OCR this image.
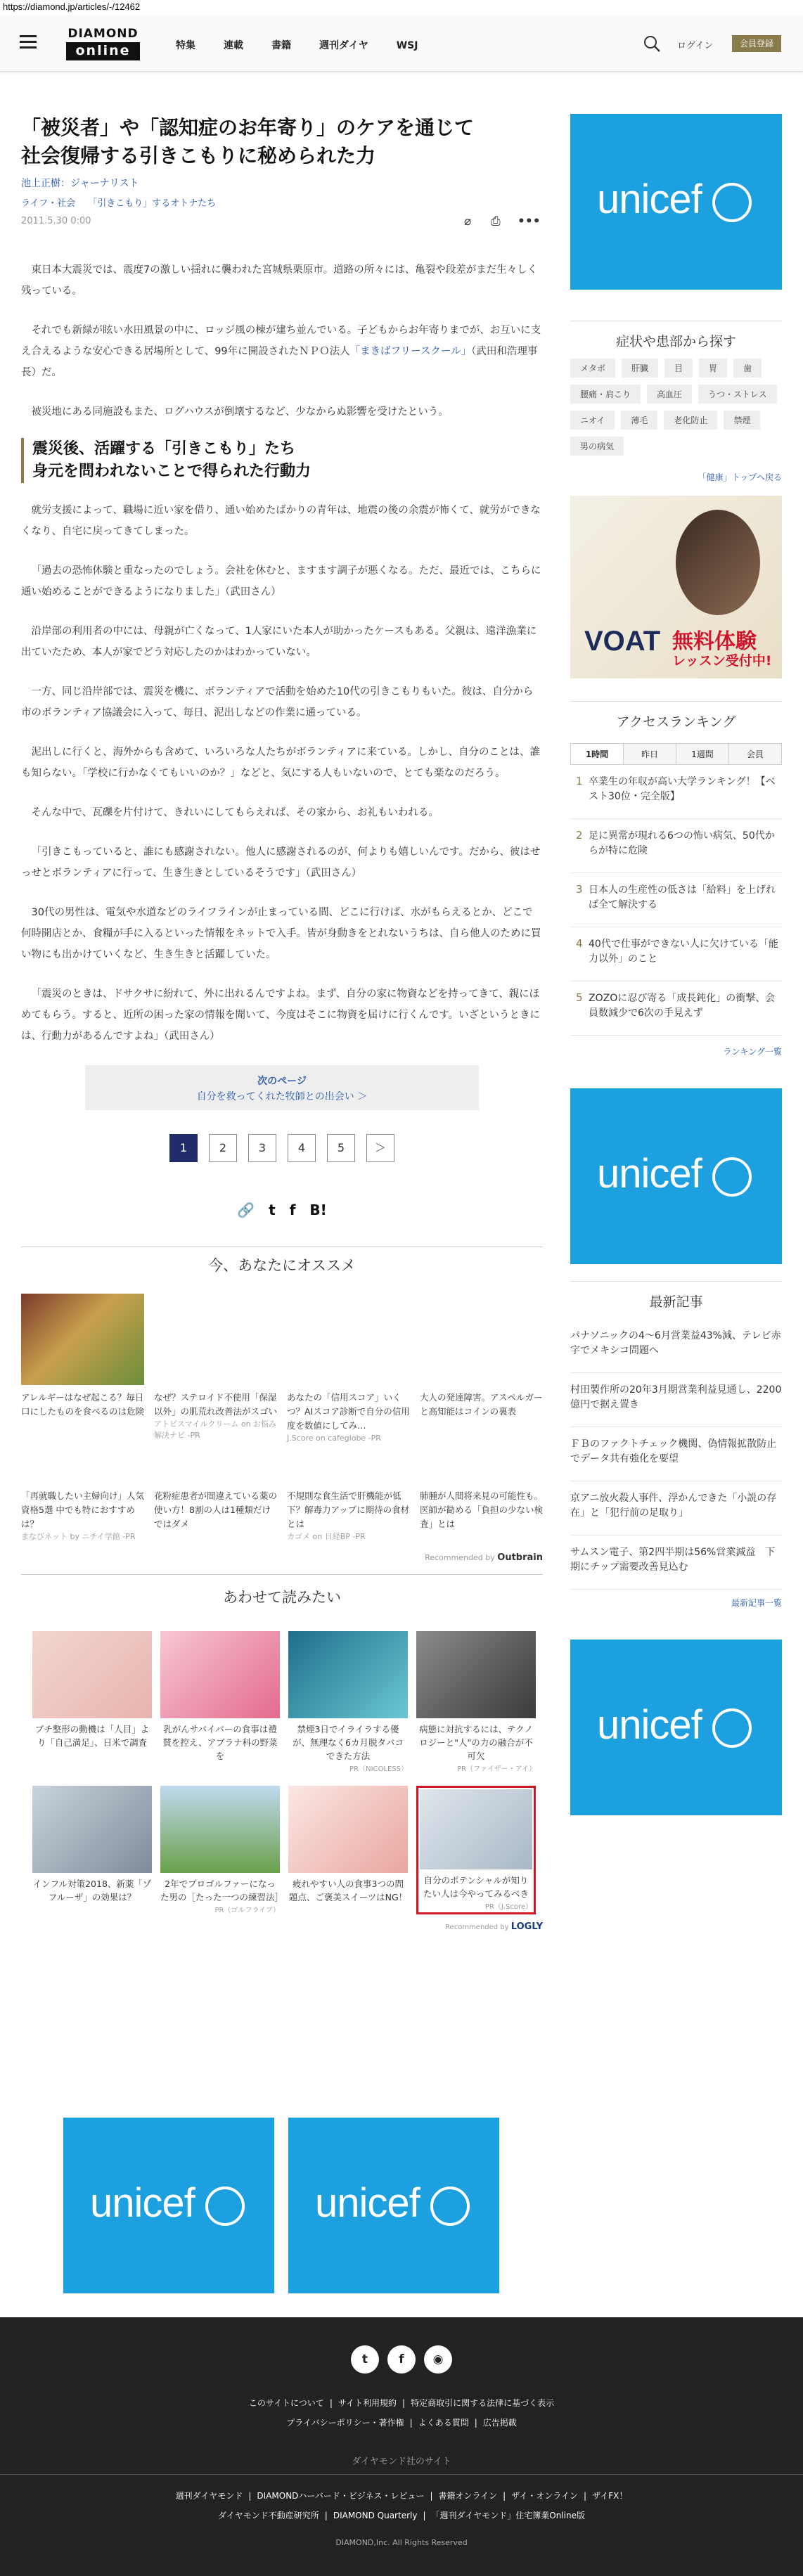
https://diamond.jp/articles/-/12462
DIAMOND
online	特集	連載	書籍	週刊ダイヤ	WSJ	ログイン	会員登録
「被災者」や「認知症のお年寄り」のケアを通じて
社会復帰する引きこもりに秘められた力
池上正樹：ジャーナリスト
ライフ・社会 「引きこもり」するオトナたち
2011.5.30 0:00	⌀ ⎙ •••

東日本大震災では、震度7の激しい揺れに襲われた宮城県栗原市。道路の所々には、亀裂や段差がまだ生々しく残っている。

それでも新緑が眩い水田風景の中に、ロッジ風の棟が建ち並んでいる。子どもからお年寄りまでが、お互いに支え合えるような安心できる居場所として、99年に開設されたＮＰＯ法人「まきばフリースクール」（武田和浩理事長）だ。

被災地にある同施設もまた、ログハウスが倒壊するなど、少なからぬ影響を受けたという。

震災後、活躍する「引きこもり」たち
身元を問われないことで得られた行動力

就労支援によって、職場に近い家を借り、通い始めたばかりの青年は、地震の後の余震が怖くて、就労ができなくなり、自宅に戻ってきてしまった。

「過去の恐怖体験と重なったのでしょう。会社を休むと、ますます調子が悪くなる。ただ、最近では、こちらに通い始めることができるようになりました」（武田さん）

沿岸部の利用者の中には、母親が亡くなって、1人家にいた本人が助かったケースもある。父親は、遠洋漁業に出ていたため、本人が家でどう対応したのかはわかっていない。

一方、同じ沿岸部では、震災を機に、ボランティアで活動を始めた10代の引きこもりもいた。彼は、自分から市のボランティア協議会に入って、毎日、泥出しなどの作業に通っている。

泥出しに行くと、海外からも含めて、いろいろな人たちがボランティアに来ている。しかし、自分のことは、誰も知らない。「学校に行かなくてもいいのか？」などと、気にする人もいないので、とても楽なのだろう。

そんな中で、瓦礫を片付けて、きれいにしてもらえれば、その家から、お礼もいわれる。

「引きこもっていると、誰にも感謝されない。他人に感謝されるのが、何よりも嬉しいんです。だから、彼はせっせとボランティアに行って、生き生きとしているそうです」（武田さん）

30代の男性は、電気や水道などのライフラインが止まっている間、どこに行けば、水がもらえるとか、どこで何時開店とか、食糧が手に入るといった情報をネットで入手。皆が身動きをとれないうちは、自ら他人のために買い物にも出かけていくなど、生き生きと活躍していた。

「震災のときは、ドサクサに紛れて、外に出れるんですよね。まず、自分の家に物資などを持ってきて、親にほめてもらう。すると、近所の困った家の情報を聞いて、今度はそこに物資を届けに行くんです。いざというときには、行動力があるんですよね」（武田さん）

次のページ
自分を救ってくれた牧師との出会い ＞
1	2	3	4	5	＞
🔗 t f B!
今、あなたにオススメ
アレルギーはなぜ起こる？毎日口にしたものを食べるのは危険
なぜ？ステロイド不使用「保湿以外」の肌荒れ改善法がスゴい
アトピスマイルクリーム on お悩み解決ナビ -PR
あなたの「信用スコア」いくつ？AIスコア診断で自分の信用度を数値にしてみ…
J.Score on cafeglobe -PR
大人の発達障害。アスペルガーと高知能はコインの裏表
「再就職したい主婦向け」人気資格5選 中でも特におすすめは？
まなびネット by ニチイ学館 -PR
花粉症患者が間違えている薬の使い方！8割の人は1種類だけではダメ
不規則な食生活で肝機能が低下？解毒力アップに期待の食材とは
カゴメ on 日経BP -PR
肺腫が人間将来見の可能性も。医師が勧める「負担の少ない検査」とは
Recommended by Outbrain
あわせて読みたい
ブチ整形の動機は「人目」より「自己満足」、日米で調査
乳がんサバイバーの食事は禮賛を控え、アブラナ科の野菜を
禁煙3日でイライラする優が、無理なく6カ月脱タバコできた方法
PR（NICOLESS）
病態に対抗するには、テクノロジーと"人"の力の融合が不可欠
PR（ファイザー・アイ）
インフル対策2018、新薬「ゾフルーザ」の効果は？
2年でプロゴルファーになった男の［たった一つの練習法］
PR（ゴルフライブ）
疲れやすい人の食事3つの問題点、ご褒美スイーツはNG！
自分のポテンシャルが知りたい人は今やってみるべき
PR（J.Score）
Recommended by LOGLY
unicef	unicef
unicef
症状や患部から探す
メタボ	肝臓	目	胃	歯
腰痛・肩こり	高血圧	うつ・ストレス
ニオイ	薄毛	老化防止	禁煙
男の病気
「健康」トップへ戻る
VOAT 無料体験
レッスン受付中!
アクセスランキング
1時間	昨日	1週間	会員
1 卒業生の年収が高い大学ランキング！【ベスト30位・完全版】
2 足に異常が現れる6つの怖い病気、50代からが特に危険
3 日本人の生産性の低さは「給料」を上げれば全て解決する
4 40代で仕事ができない人に欠けている「能力以外」のこと
5 ZOZOに忍び寄る「成長鈍化」の衝撃、会員数減少で6次の手見えず
ランキング一覧
unicef
最新記事
パナソニックの4～6月営業益43%減、テレビ赤字でメキシコ問題へ
村田製作所の20年3月期営業利益見通し、2200億円で据え置き
ＦＢのファクトチェック機関、偽情報拡散防止でデータ共有強化を要望
京アニ放火殺人事件、浮かんできた「小説の存在」と「犯行前の足取り」
サムスン電子、第2四半期は56%営業減益　下期にチップ需要改善見込む
最新記事一覧
unicef
t	f ◉
このサイトについて | サイト利用規約 | 特定商取引に関する法律に基づく表示
プライバシーポリシー・著作権 | よくある質問 | 広告掲載
ダイヤモンド社のサイト
週刊ダイヤモンド | DIAMONDハーバード・ビジネス・レビュー | 書籍オンライン | ザイ・オンライン | ザイFX！
ダイヤモンド不動産研究所 | DIAMOND Quarterly | 「週刊ダイヤモンド」住宅簿業Online版
DIAMOND,Inc. All Rights Reserved
